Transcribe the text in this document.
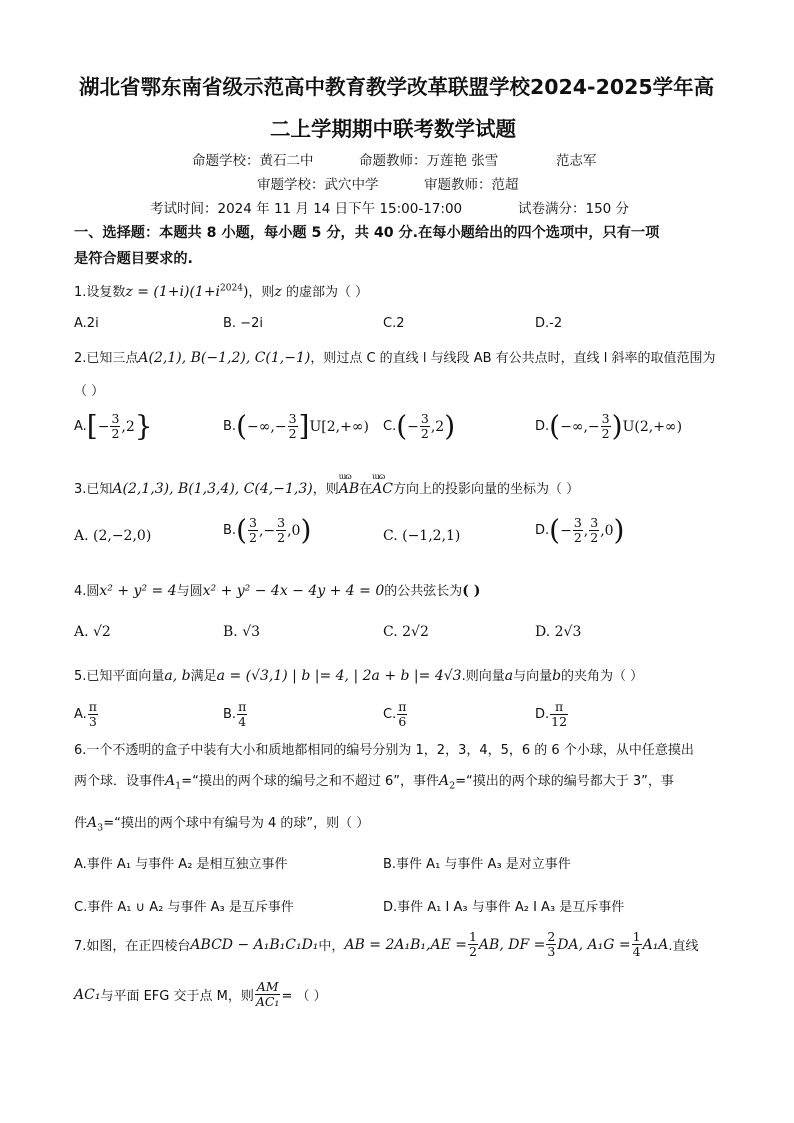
湖北省鄂东南省级示范高中教育教学改革联盟学校2024-2025学年高
二上学期期中联考数学试题
命题学校：黄石二中	命题教师：万莲艳 张雪	范志军
审题学校：武穴中学	审题教师：范超
考试时间：2024 年 11 月 14 日下午 15:00-17:00	试卷满分：150 分
一、选择题：本题共 8 小题，每小题 5 分，共 40 分.在每小题给出的四个选项中，只有一项
是符合题目要求的.
1.设复数$z = (1+i)(1+i^{2024})$，则z 的虚部为（ ）
A.2i	B. −2i	C.2	D.-2
2.已知三点A(2,1), B(−1,2), C(1,−1)，则过点 C 的直线 l 与线段 AB 有公共点时，直线 l 斜率的取值范围为
（ ）
$A.[- \frac{3}{2} ,2\}$	$B.(-\infty,- \frac{3}{2} ]U[2,+\infty)$ $C.(- \frac{3}{2} ,2)$	$D.(-\infty,- \frac{3}{2} )U(2,+\infty)$
3.已知A(2,1,3), B(1,3,4), C(4,−1,3)，则
ɯɷ
AB在
ɯɷ
AC方向上的投影向量的坐标为（ ）
A. (2,−2,0)	$B.( \frac{3}{2}$ ,− $\frac{3}{2} ,0$)	C. (−1,2,1)	$D.(- \frac{3}{2}$ , $\frac{3}{2} ,0$)
4.圆x² + y² = 4与圆x² + y² − 4x − 4y + 4 = 0的公共弦长为( )
A. √2	B. √3	C. 2√2	D. 2√3
5.已知平面向量a, b满足a = (√3,1) | b |= 4, | 2a + b |= 4√3.则向量a与向量b的夹角为（ ）
A. $\frac{\pi}{3}$	B. $\frac{\pi}{4}$	C. $\frac{\pi}{6}$	D. $\frac{\pi}{12}$
6.一个不透明的盒子中装有大小和质地都相同的编号分别为 1，2，3，4，5，6 的 6 个小球，从中任意摸出
两个球．设事件$A_1=“$摸出的两个球的编号之和不超过 6”，事件$A_2=“$摸出的两个球的编号都大于 3”，事
件$A_3=“$摸出的两个球中有编号为 4 的球”，则（ ）
A.事件 A₁ 与事件 A₂ 是相互独立事件	B.事件 A₁ 与事件 A₃ 是对立事件
C.事件 A₁ ∪ A₂ 与事件 A₃ 是互斥事件	D.事件 A₁ I A₃ 与事件 A₂ I A₃ 是互斥事件
7.如图，在正四棱台ABCD − A₁B₁C₁D₁中，AB = $2A_1B_1,AE = \frac{1}{2}$ AB, DF = $\frac{2}{3}$ DA, $A_1G = \frac{1}{4} A_1A$.直线
AC₁与平面 EFG 交于点 M，则 $\frac{AM}{\text{AC₁}}$ = （ ）
